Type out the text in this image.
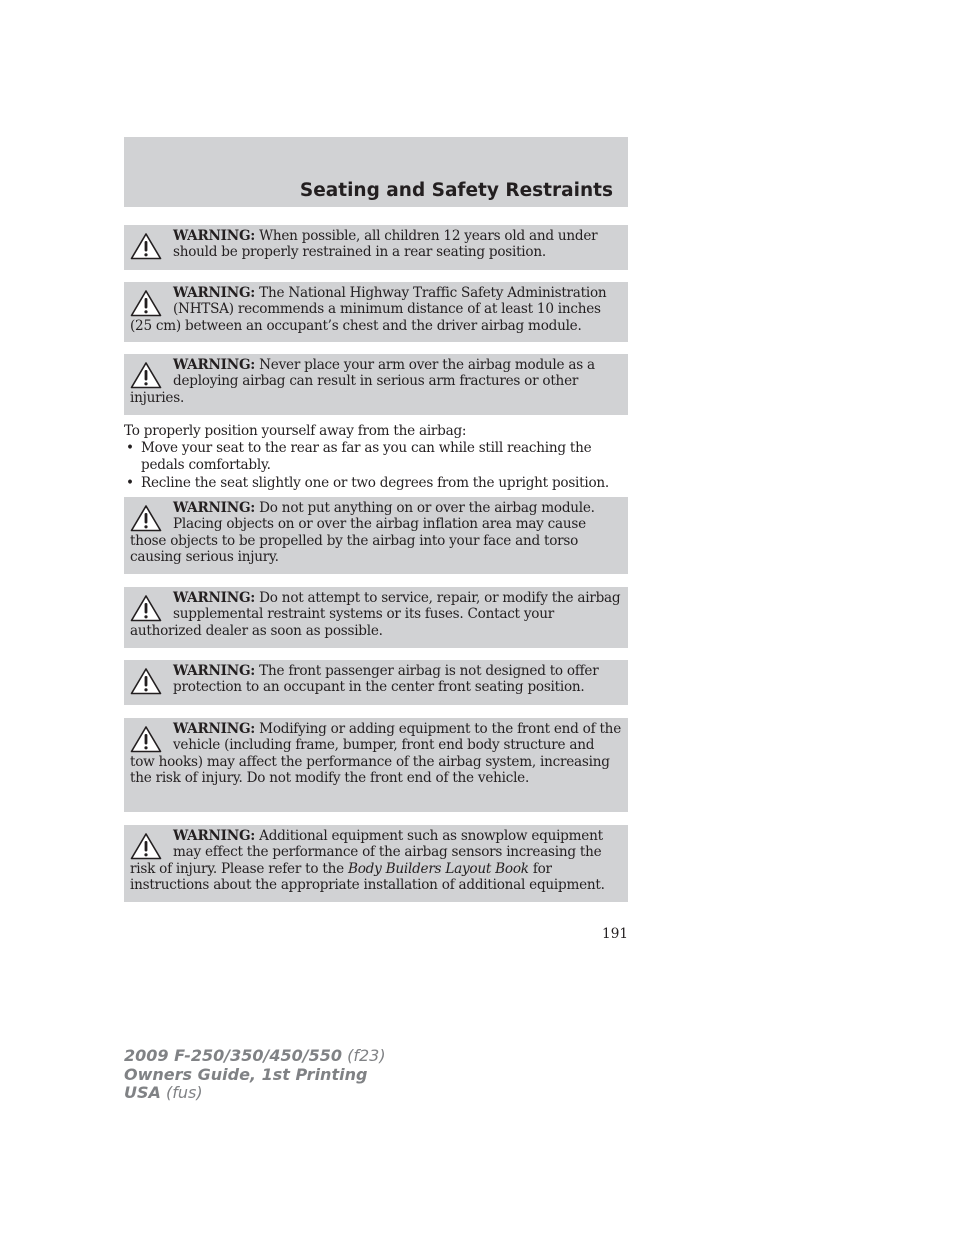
Seating and Safety Restraints

WARNING: When possible, all children 12 years old and under should be properly restrained in a rear seating position.

WARNING: The National Highway Traffic Safety Administration (NHTSA) recommends a minimum distance of at least 10 inches (25 cm) between an occupant’s chest and the driver airbag module.

WARNING: Never place your arm over the airbag module as a deploying airbag can result in serious arm fractures or other injuries.

To properly position yourself away from the airbag:

• Move your seat to the rear as far as you can while still reaching the pedals comfortably.
• Recline the seat slightly one or two degrees from the upright position.

WARNING: Do not put anything on or over the airbag module. Placing objects on or over the airbag inflation area may cause those objects to be propelled by the airbag into your face and torso causing serious injury.

WARNING: Do not attempt to service, repair, or modify the airbag supplemental restraint systems or its fuses. Contact your authorized dealer as soon as possible.

WARNING: The front passenger airbag is not designed to offer protection to an occupant in the center front seating position.

WARNING: Modifying or adding equipment to the front end of the vehicle (including frame, bumper, front end body structure and tow hooks) may affect the performance of the airbag system, increasing the risk of injury. Do not modify the front end of the vehicle.

WARNING: Additional equipment such as snowplow equipment may effect the performance of the airbag sensors increasing the risk of injury. Please refer to the Body Builders Layout Book for instructions about the appropriate installation of additional equipment.

191
2009 F-250/350/450/550 (f23)
Owners Guide, 1st Printing
USA (fus)
